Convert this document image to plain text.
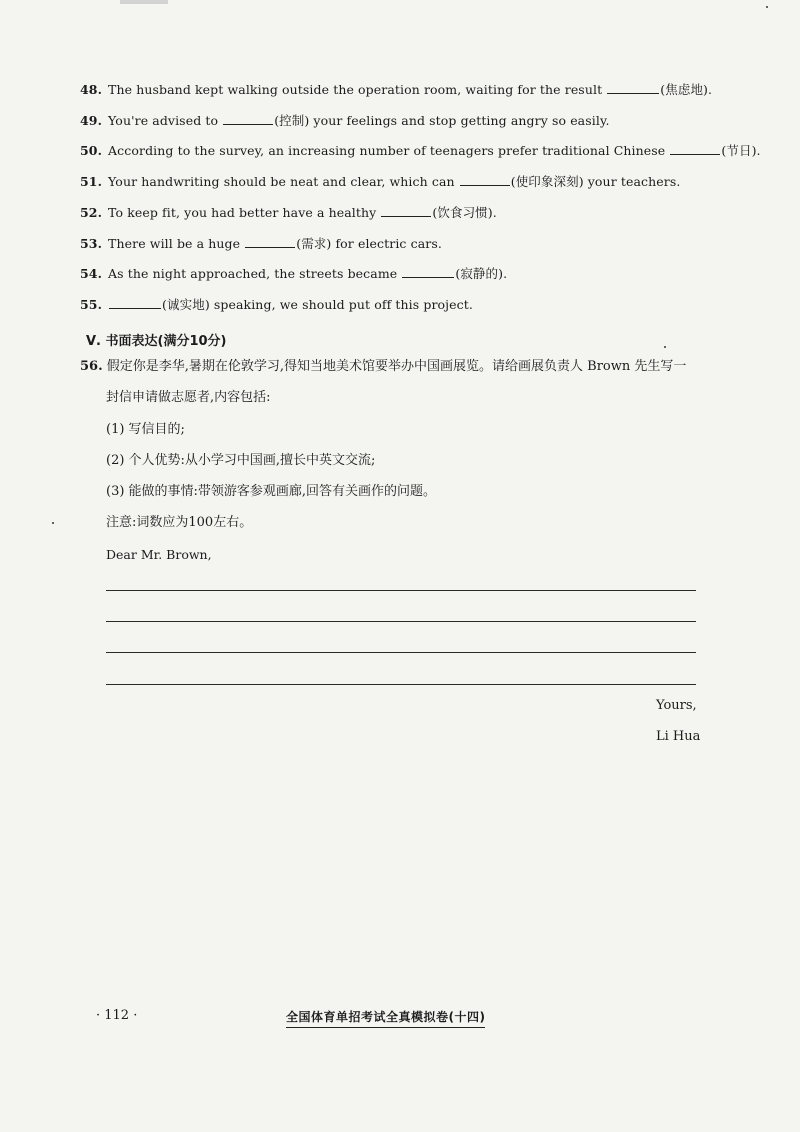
48. The husband kept walking outside the operation room, waiting for the result	(焦虑地).
49. You're advised to	(控制) your feelings and stop getting angry so easily.
50. According to the survey, an increasing number of teenagers prefer traditional Chinese	(节日).
51. Your handwriting should be neat and clear, which can	(使印象深刻) your teachers.
52. To keep fit, you had better have a healthy	(饮食习惯).
53. There will be a huge	(需求) for electric cars.
54. As the night approached, the streets became	(寂静的).
55.	(诚实地) speaking, we should put off this project.
Ⅴ. 书面表达(满分10分)
56. 假定你是李华,暑期在伦敦学习,得知当地美术馆要举办中国画展览。请给画展负责人 Brown 先生写一
封信申请做志愿者,内容包括:
(1) 写信目的;
(2) 个人优势:从小学习中国画,擅长中英文交流;
(3) 能做的事情:带领游客参观画廊,回答有关画作的问题。
注意:词数应为100左右。
Dear Mr. Brown,
Yours,
Li Hua
· 112 ·	全国体育单招考试全真模拟卷(十四)
